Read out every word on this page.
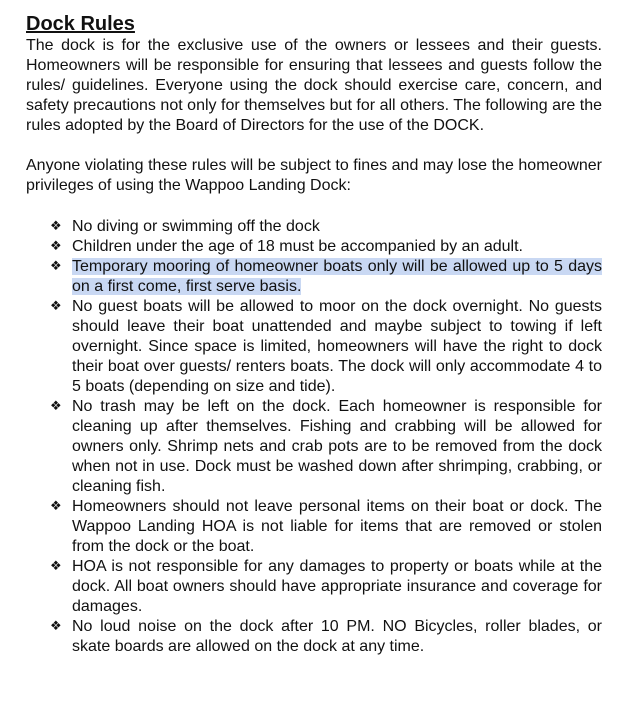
Dock Rules

The dock is for the exclusive use of the owners or lessees and their guests. Homeowners will be responsible for ensuring that lessees and guests follow the rules/ guidelines. Everyone using the dock should exercise care, concern, and safety precautions not only for themselves but for all others. The following are the rules adopted by the Board of Directors for the use of the DOCK.

Anyone violating these rules will be subject to fines and may lose the homeowner privileges of using the Wappoo Landing Dock:

❖ No diving or swimming off the dock
❖ Children under the age of 18 must be accompanied by an adult.
❖ Temporary mooring of homeowner boats only will be allowed up to 5 days on a first come, first serve basis.
❖ No guest boats will be allowed to moor on the dock overnight. No guests should leave their boat unattended and maybe subject to towing if left overnight. Since space is limited, homeowners will have the right to dock their boat over guests/ renters boats. The dock will only accommodate 4 to 5 boats (depending on size and tide).
❖ No trash may be left on the dock. Each homeowner is responsible for cleaning up after themselves. Fishing and crabbing will be allowed for owners only. Shrimp nets and crab pots are to be removed from the dock when not in use. Dock must be washed down after shrimping, crabbing, or cleaning fish.
❖ Homeowners should not leave personal items on their boat or dock. The Wappoo Landing HOA is not liable for items that are removed or stolen from the dock or the boat.
❖ HOA is not responsible for any damages to property or boats while at the dock. All boat owners should have appropriate insurance and coverage for damages.
❖ No loud noise on the dock after 10 PM. NO Bicycles, roller blades, or skate boards are allowed on the dock at any time.
